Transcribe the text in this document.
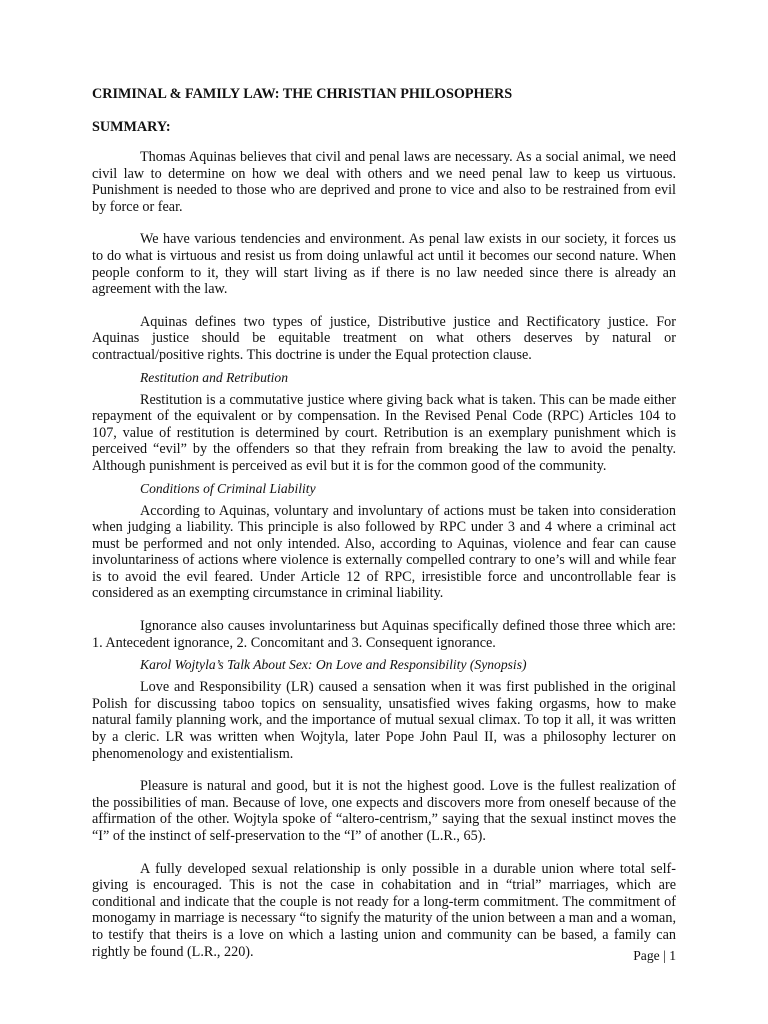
CRIMINAL & FAMILY LAW: THE CHRISTIAN PHILOSOPHERS
SUMMARY:

Thomas Aquinas believes that civil and penal laws are necessary. As a social animal, we need civil law to determine on how we deal with others and we need penal law to keep us virtuous. Punishment is needed to those who are deprived and prone to vice and also to be restrained from evil by force or fear.

We have various tendencies and environment. As penal law exists in our society, it forces us to do what is virtuous and resist us from doing unlawful act until it becomes our second nature. When people conform to it, they will start living as if there is no law needed since there is already an agreement with the law.

Aquinas defines two types of justice, Distributive justice and Rectificatory justice. For Aquinas justice should be equitable treatment on what others deserves by natural or contractual/positive rights. This doctrine is under the Equal protection clause.

Restitution and Retribution

Restitution is a commutative justice where giving back what is taken. This can be made either repayment of the equivalent or by compensation. In the Revised Penal Code (RPC) Articles 104 to 107, value of restitution is determined by court. Retribution is an exemplary punishment which is perceived “evil” by the offenders so that they refrain from breaking the law to avoid the penalty. Although punishment is perceived as evil but it is for the common good of the community.

Conditions of Criminal Liability

According to Aquinas, voluntary and involuntary of actions must be taken into consideration when judging a liability. This principle is also followed by RPC under 3 and 4 where a criminal act must be performed and not only intended. Also, according to Aquinas, violence and fear can cause involuntariness of actions where violence is externally compelled contrary to one’s will and while fear is to avoid the evil feared. Under Article 12 of RPC, irresistible force and uncontrollable fear is considered as an exempting circumstance in criminal liability.

Ignorance also causes involuntariness but Aquinas specifically defined those three which are: 1. Antecedent ignorance, 2. Concomitant and 3. Consequent ignorance.

Karol Wojtyla’s Talk About Sex: On Love and Responsibility (Synopsis)

Love and Responsibility (LR) caused a sensation when it was first published in the original Polish for discussing taboo topics on sensuality, unsatisfied wives faking orgasms, how to make natural family planning work, and the importance of mutual sexual climax. To top it all, it was written by a cleric. LR was written when Wojtyla, later Pope John Paul II, was a philosophy lecturer on phenomenology and existentialism.

Pleasure is natural and good, but it is not the highest good. Love is the fullest realization of the possibilities of man. Because of love, one expects and discovers more from oneself because of the affirmation of the other. Wojtyla spoke of “altero-centrism,” saying that the sexual instinct moves the “I” of the instinct of self-preservation to the “I” of another (L.R., 65).

A fully developed sexual relationship is only possible in a durable union where total self-giving is encouraged. This is not the case in cohabitation and in “trial” marriages, which are conditional and indicate that the couple is not ready for a long-term commitment. The commitment of monogamy in marriage is necessary “to signify the maturity of the union between a man and a woman, to testify that theirs is a love on which a lasting union and community can be based, a family can rightly be found (L.R., 220).	Page | 1
